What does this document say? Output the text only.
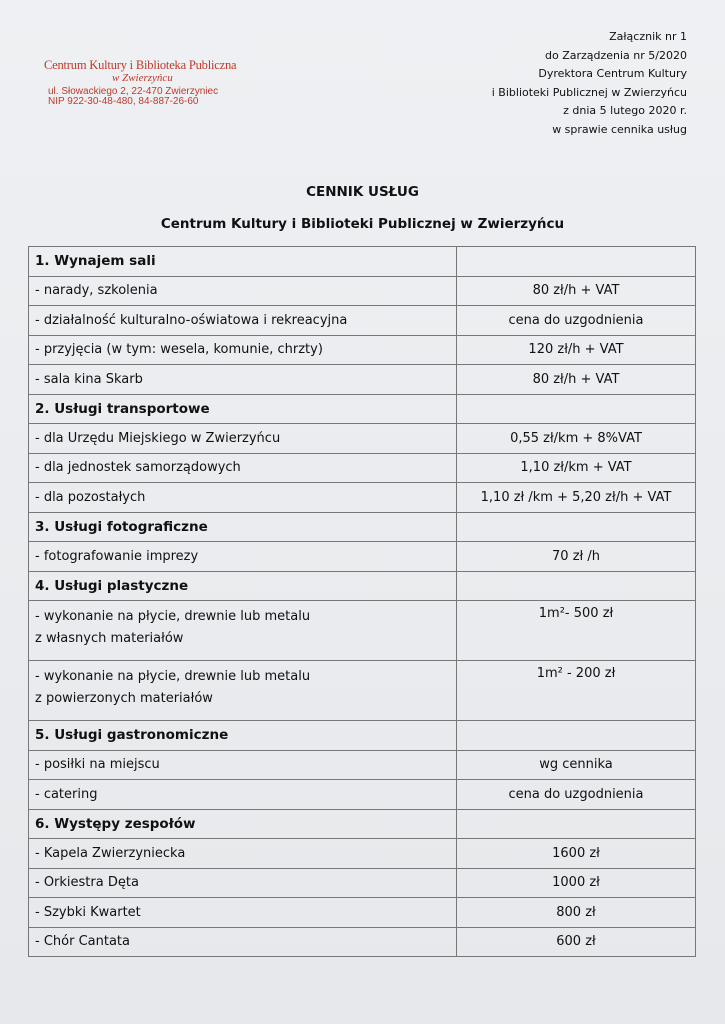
Centrum Kultury i Biblioteka Publiczna
w Zwierzyńcu
ul. Słowackiego 2, 22-470 Zwierzyniec
NIP 922-30-48-480, 84-887-26-60
Załącznik nr 1
do Zarządzenia nr 5/2020
Dyrektora Centrum Kultury
i Biblioteki Publicznej w Zwierzyńcu
z dnia 5 lutego 2020 r.
w sprawie cennika usług
CENNIK USŁUG
Centrum Kultury i Biblioteki Publicznej w Zwierzyńcu
1. Wynajem sali	
- narady, szkolenia	80 zł/h + VAT
- działalność kulturalno-oświatowa i rekreacyjna	cena do uzgodnienia
- przyjęcia (w tym: wesela, komunie, chrzty)	120 zł/h + VAT
- sala kina Skarb	80 zł/h + VAT
2. Usługi transportowe	
- dla Urzędu Miejskiego w Zwierzyńcu	0,55 zł/km + 8%VAT
- dla jednostek samorządowych	1,10 zł/km + VAT
- dla pozostałych	1,10 zł /km + 5,20 zł/h + VAT
3. Usługi fotograficzne	
- fotografowanie imprezy	70 zł /h
4. Usługi plastyczne	

- wykonanie na płycie, drewnie lub metalu
z własnych materiałów	1m²- 500 zł

- wykonanie na płycie, drewnie lub metalu
z powierzonych materiałów	1m² - 200 zł
5. Usługi gastronomiczne	
- posiłki na miejscu	wg cennika
- catering	cena do uzgodnienia
6. Występy zespołów	
- Kapela Zwierzyniecka	1600 zł
- Orkiestra Dęta	1000 zł
- Szybki Kwartet	800 zł
- Chór Cantata	600 zł
